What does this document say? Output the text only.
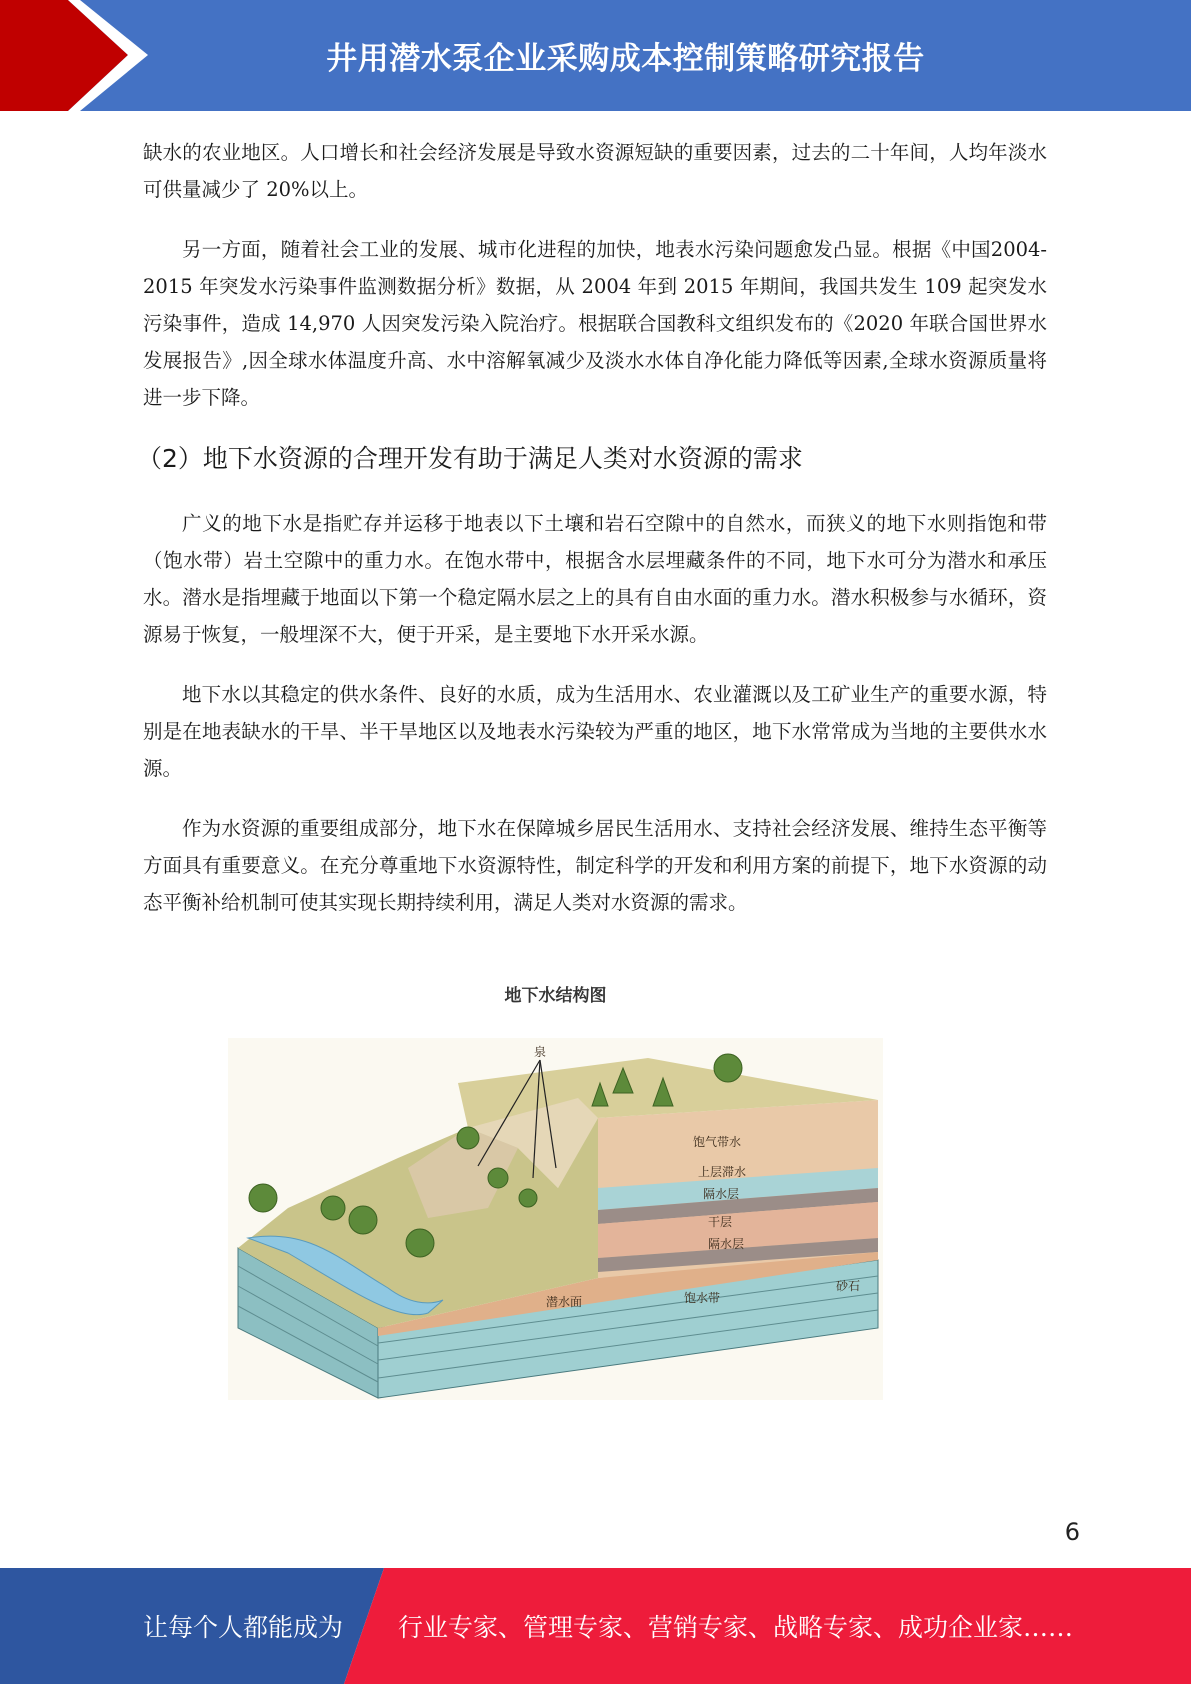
井用潜水泵企业采购成本控制策略研究报告

缺水的农业地区。人口增长和社会经济发展是导致水资源短缺的重要因素，过去的二十年间，人均年淡水可供量减少了 20%以上。

另一方面，随着社会工业的发展、城市化进程的加快，地表水污染问题愈发凸显。根据《中国2004-2015 年突发水污染事件监测数据分析》数据，从 2004 年到 2015 年期间，我国共发生 109 起突发水污染事件，造成 14,970 人因突发污染入院治疗。根据联合国教科文组织发布的《2020 年联合国世界水发展报告》,因全球水体温度升高、水中溶解氧减少及淡水水体自净化能力降低等因素,全球水资源质量将进一步下降。

（2）地下水资源的合理开发有助于满足人类对水资源的需求

广义的地下水是指贮存并运移于地表以下土壤和岩石空隙中的自然水，而狭义的地下水则指饱和带（饱水带）岩土空隙中的重力水。在饱水带中，根据含水层埋藏条件的不同，地下水可分为潜水和承压水。潜水是指埋藏于地面以下第一个稳定隔水层之上的具有自由水面的重力水。潜水积极参与水循环，资源易于恢复，一般埋深不大，便于开采，是主要地下水开采水源。

地下水以其稳定的供水条件、良好的水质，成为生活用水、农业灌溉以及工矿业生产的重要水源，特别是在地表缺水的干旱、半干旱地区以及地表水污染较为严重的地区，地下水常常成为当地的主要供水水源。

作为水资源的重要组成部分，地下水在保障城乡居民生活用水、支持社会经济发展、维持生态平衡等方面具有重要意义。在充分尊重地下水资源特性，制定科学的开发和利用方案的前提下，地下水资源的动态平衡补给机制可使其实现长期持续利用，满足人类对水资源的需求。

地下水结构图
泉
饱气带水
上层滞水
隔水层
干层
隔水层
砂石
潜水面	饱水带
6
让每个人都能成为 行业专家、管理专家、营销专家、战略专家、成功企业家……
